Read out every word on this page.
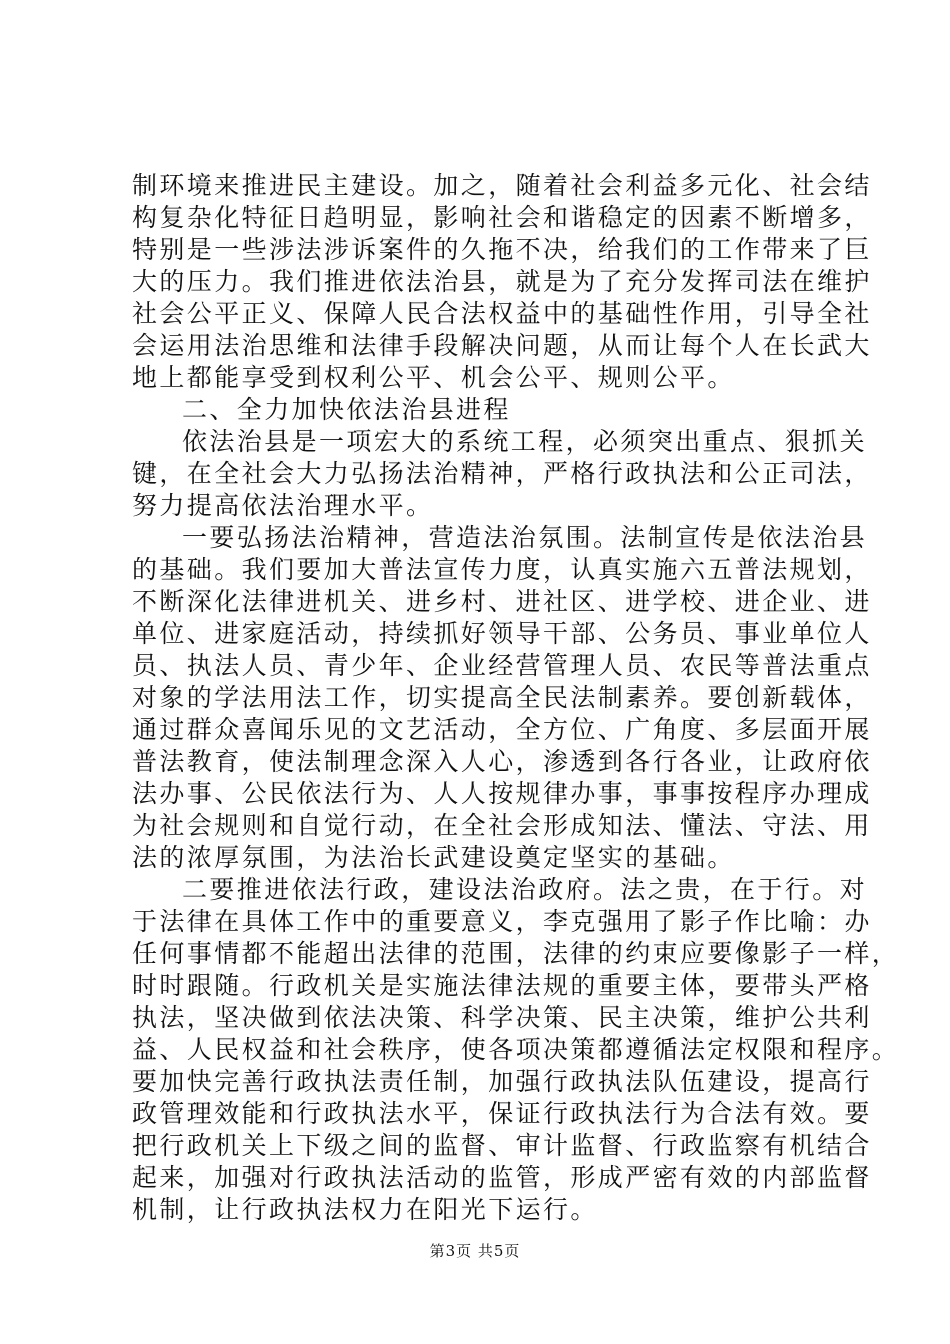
制环境来推进民主建设。加之，随着社会利益多元化、社会结
构复杂化特征日趋明显，影响社会和谐稳定的因素不断增多，
特别是一些涉法涉诉案件的久拖不决，给我们的工作带来了巨
大的压力。我们推进依法治县，就是为了充分发挥司法在维护
社会公平正义、保障人民合法权益中的基础性作用，引导全社
会运用法治思维和法律手段解决问题，从而让每个人在长武大
地上都能享受到权利公平、机会公平、规则公平。
二、全力加快依法治县进程
依法治县是一项宏大的系统工程，必须突出重点、狠抓关
键，在全社会大力弘扬法治精神，严格行政执法和公正司法，
努力提高依法治理水平。
一要弘扬法治精神，营造法治氛围。法制宣传是依法治县
的基础。我们要加大普法宣传力度，认真实施六五普法规划，
不断深化法律进机关、进乡村、进社区、进学校、进企业、进
单位、进家庭活动，持续抓好领导干部、公务员、事业单位人
员、执法人员、青少年、企业经营管理人员、农民等普法重点
对象的学法用法工作，切实提高全民法制素养。要创新载体，
通过群众喜闻乐见的文艺活动，全方位、广角度、多层面开展
普法教育，使法制理念深入人心，渗透到各行各业，让政府依
法办事、公民依法行为、人人按规律办事，事事按程序办理成
为社会规则和自觉行动，在全社会形成知法、懂法、守法、用
法的浓厚氛围，为法治长武建设奠定坚实的基础。
二要推进依法行政，建设法治政府。法之贵，在于行。对
于法律在具体工作中的重要意义，李克强用了影子作比喻：办
任何事情都不能超出法律的范围，法律的约束应要像影子一样，
时时跟随。行政机关是实施法律法规的重要主体，要带头严格
执法，坚决做到依法决策、科学决策、民主决策，维护公共利
益、人民权益和社会秩序，使各项决策都遵循法定权限和程序。
要加快完善行政执法责任制，加强行政执法队伍建设，提高行
政管理效能和行政执法水平，保证行政执法行为合法有效。要
把行政机关上下级之间的监督、审计监督、行政监察有机结合
起来，加强对行政执法活动的监管，形成严密有效的内部监督
机制，让行政执法权力在阳光下运行。
第3页 共5页
